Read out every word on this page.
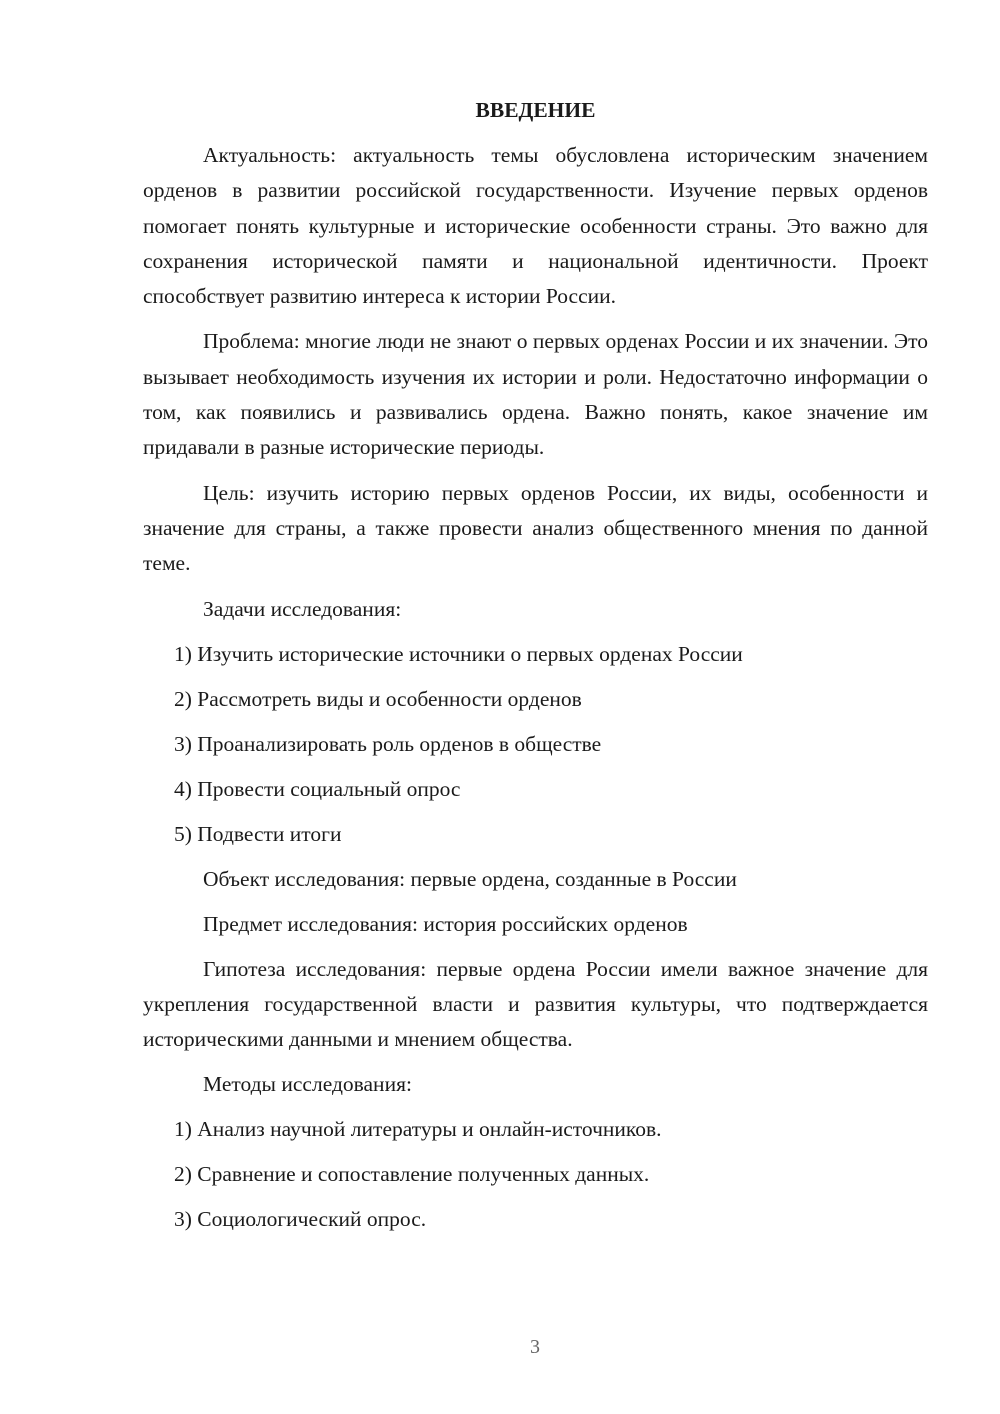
ВВЕДЕНИЕ
Актуальность: актуальность темы обусловлена историческим значением орденов в развитии российской государственности. Изучение первых орденов помогает понять культурные и исторические особенности страны. Это важно для сохранения исторической памяти и национальной идентичности. Проект способствует развитию интереса к истории России.
Проблема: многие люди не знают о первых орденах России и их значении. Это вызывает необходимость изучения их истории и роли. Недостаточно информации о том, как появились и развивались ордена. Важно понять, какое значение им придавали в разные исторические периоды.
Цель: изучить историю первых орденов России, их виды, особенности и значение для страны, а также провести анализ общественного мнения по данной теме.
Задачи исследования:
1) Изучить исторические источники о первых орденах России
2) Рассмотреть виды и особенности орденов
3) Проанализировать роль орденов в обществе
4) Провести социальный опрос
5) Подвести итоги
Объект исследования: первые ордена, созданные в России
Предмет исследования: история российских орденов
Гипотеза исследования: первые ордена России имели важное значение для укрепления государственной власти и развития культуры, что подтверждается историческими данными и мнением общества.
Методы исследования:
1) Анализ научной литературы и онлайн-источников.
2) Сравнение и сопоставление полученных данных.
3) Социологический опрос.
3
